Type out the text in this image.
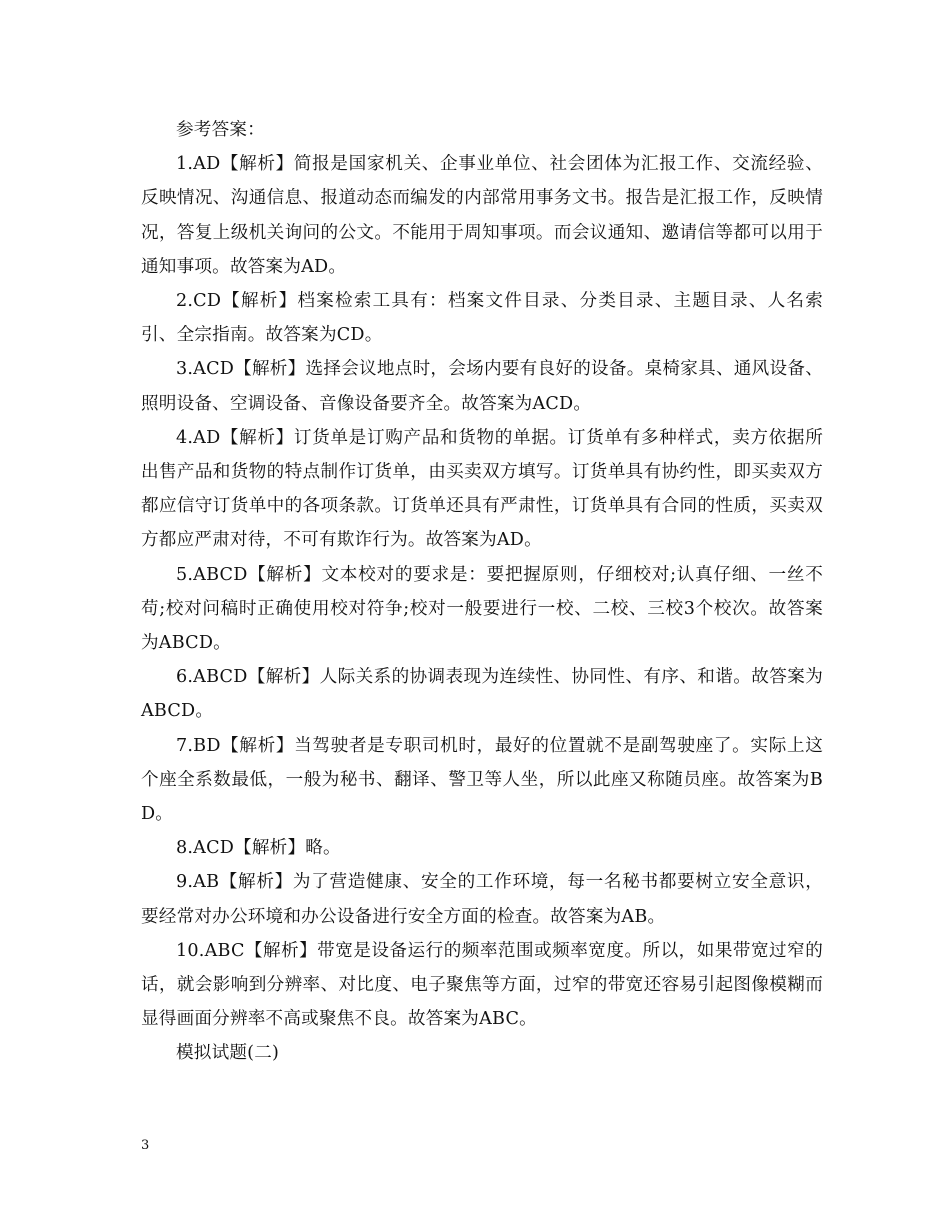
参考答案：

1.AD【解析】简报是国家机关、企事业单位、社会团体为汇报工作、交流经验、反映情况、沟通信息、报道动态而编发的内部常用事务文书。报告是汇报工作，反映情况，答复上级机关询问的公文。不能用于周知事项。而会议通知、邀请信等都可以用于通知事项。故答案为AD。

2.CD【解析】档案检索工具有：档案文件目录、分类目录、主题目录、人名索引、全宗指南。故答案为CD。

3.ACD【解析】选择会议地点时，会场内要有良好的设备。桌椅家具、通风设备、照明设备、空调设备、音像设备要齐全。故答案为ACD。

4.AD【解析】订货单是订购产品和货物的单据。订货单有多种样式，卖方依据所出售产品和货物的特点制作订货单，由买卖双方填写。订货单具有协约性，即买卖双方都应信守订货单中的各项条款。订货单还具有严肃性，订货单具有合同的性质，买卖双方都应严肃对待，不可有欺诈行为。故答案为AD。

5.ABCD【解析】文本校对的要求是：要把握原则，仔细校对;认真仔细、一丝不苟;校对问稿时正确使用校对符争;校对一般要进行一校、二校、三校3个校次。故答案为ABCD。

6.ABCD【解析】人际关系的协调表现为连续性、协同性、有序、和谐。故答案为ABCD。

7.BD【解析】当驾驶者是专职司机时，最好的位置就不是副驾驶座了。实际上这个座全系数最低，一般为秘书、翻译、警卫等人坐，所以此座又称随员座。故答案为BD。

8.ACD【解析】略。

9.AB【解析】为了营造健康、安全的工作环境，每一名秘书都要树立安全意识，要经常对办公环境和办公设备进行安全方面的检查。故答案为AB。

10.ABC【解析】带宽是设备运行的频率范围或频率宽度。所以，如果带宽过窄的话，就会影响到分辨率、对比度、电子聚焦等方面，过窄的带宽还容易引起图像模糊而显得画面分辨率不高或聚焦不良。故答案为ABC。

模拟试题(二)

3
